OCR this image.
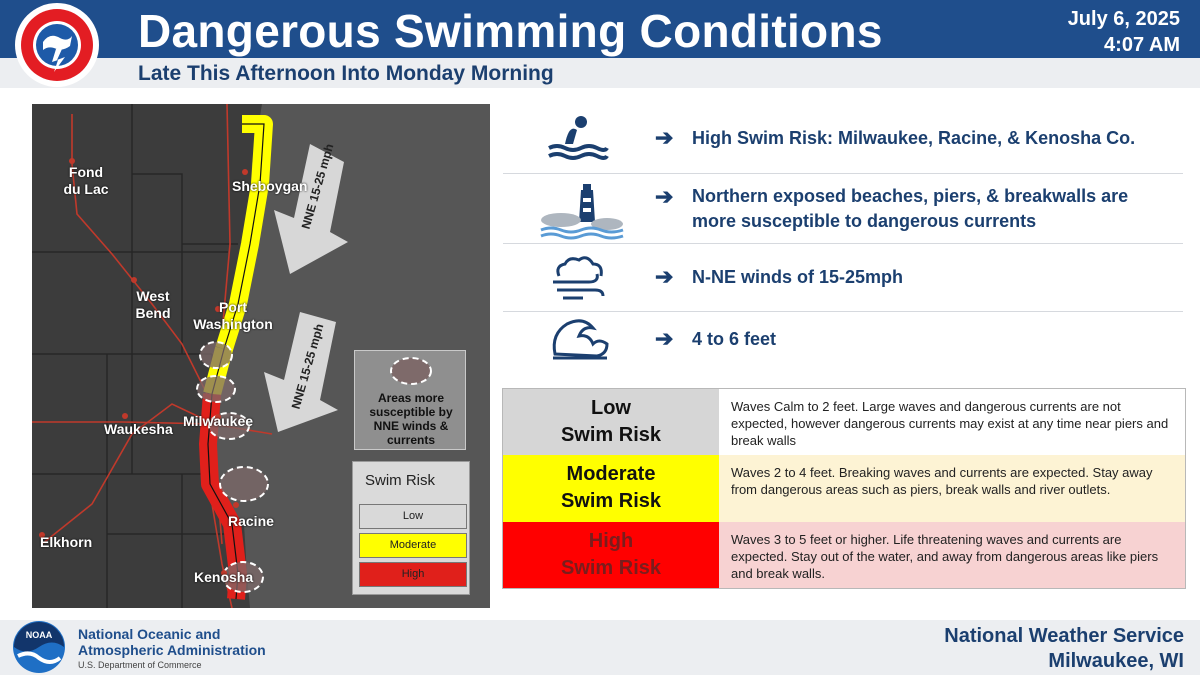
Dangerous Swimming Conditions	July 6, 2025
4:07 AM
Late This Afternoon Into Monday Morning
Fond du Lac	Sheboygan
West Bend	Port Washington
Waukesha Milwaukee
Racine
Elkhorn
Kenosha
NNE 15-25 mph
NNE 15-25 mph	Areas more susceptible by NNE winds & currents
Swim Risk
Low
Moderate
High
➔ High Swim Risk: Milwaukee, Racine, & Kenosha Co.
➔ Northern exposed beaches, piers, & breakwalls are more susceptible to dangerous currents
➔ N-NE winds of 15-25mph
➔ 4 to 6 feet
Low
Swim Risk
Waves Calm to 2 feet. Large waves and dangerous currents are not expected, however dangerous currents may exist at any time near piers and break walls
Moderate
Swim Risk
Waves 2 to 4 feet. Breaking waves and currents are expected. Stay away from dangerous areas such as piers, break walls and river outlets.
High
Swim Risk
Waves 3 to 5 feet or higher. Life threatening waves and currents are expected. Stay out of the water, and away from dangerous areas like piers and break walls.
NOAA National Oceanic and
Atmospheric Administration
U.S. Department of Commerce
National Weather Service
Milwaukee, WI
